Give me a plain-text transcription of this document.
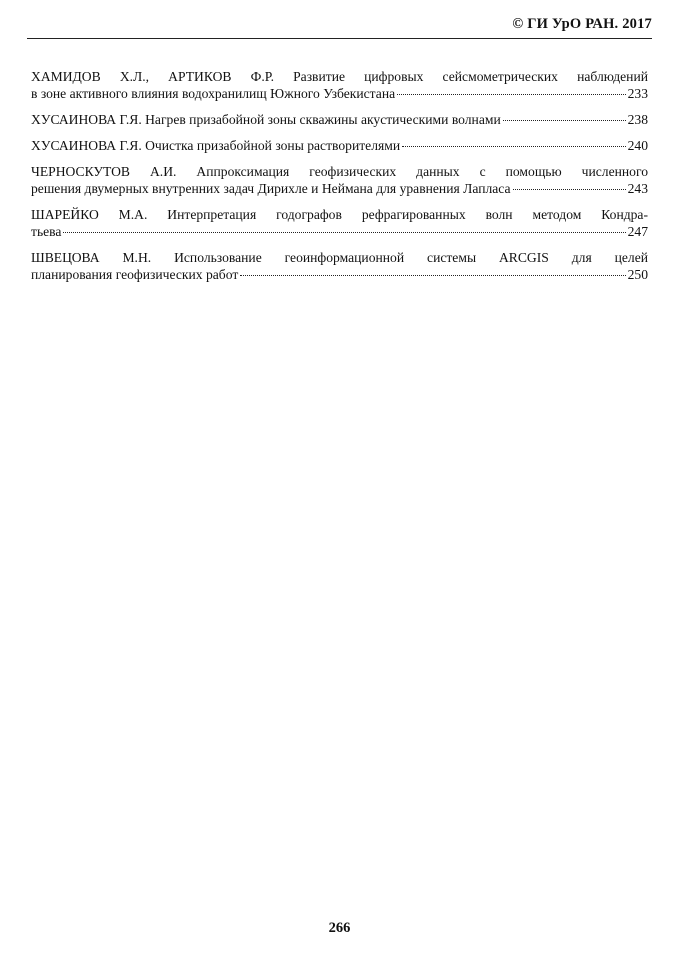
© ГИ УрО РАН. 2017
ХАМИДОВ Х.Л., АРТИКОВ Ф.Р. Развитие цифровых сейсмометрических наблюдений
в зоне активного влияния водохранилищ Южного Узбекистана	233
ХУСАИНОВА Г.Я. Нагрев призабойной зоны скважины акустическими волнами	238
ХУСАИНОВА Г.Я. Очистка призабойной зоны растворителями	240
ЧЕРНОСКУТОВ А.И. Аппроксимация геофизических данных с помощью численного
решения двумерных внутренних задач Дирихле и Неймана для уравнения Лапласа	243
ШАРЕЙКО М.А. Интерпретация годографов рефрагированных волн методом Кондра-
тьева	247
ШВЕЦОВА М.Н. Использование геоинформационной системы ARCGIS для целей
планирования геофизических работ	250
266
